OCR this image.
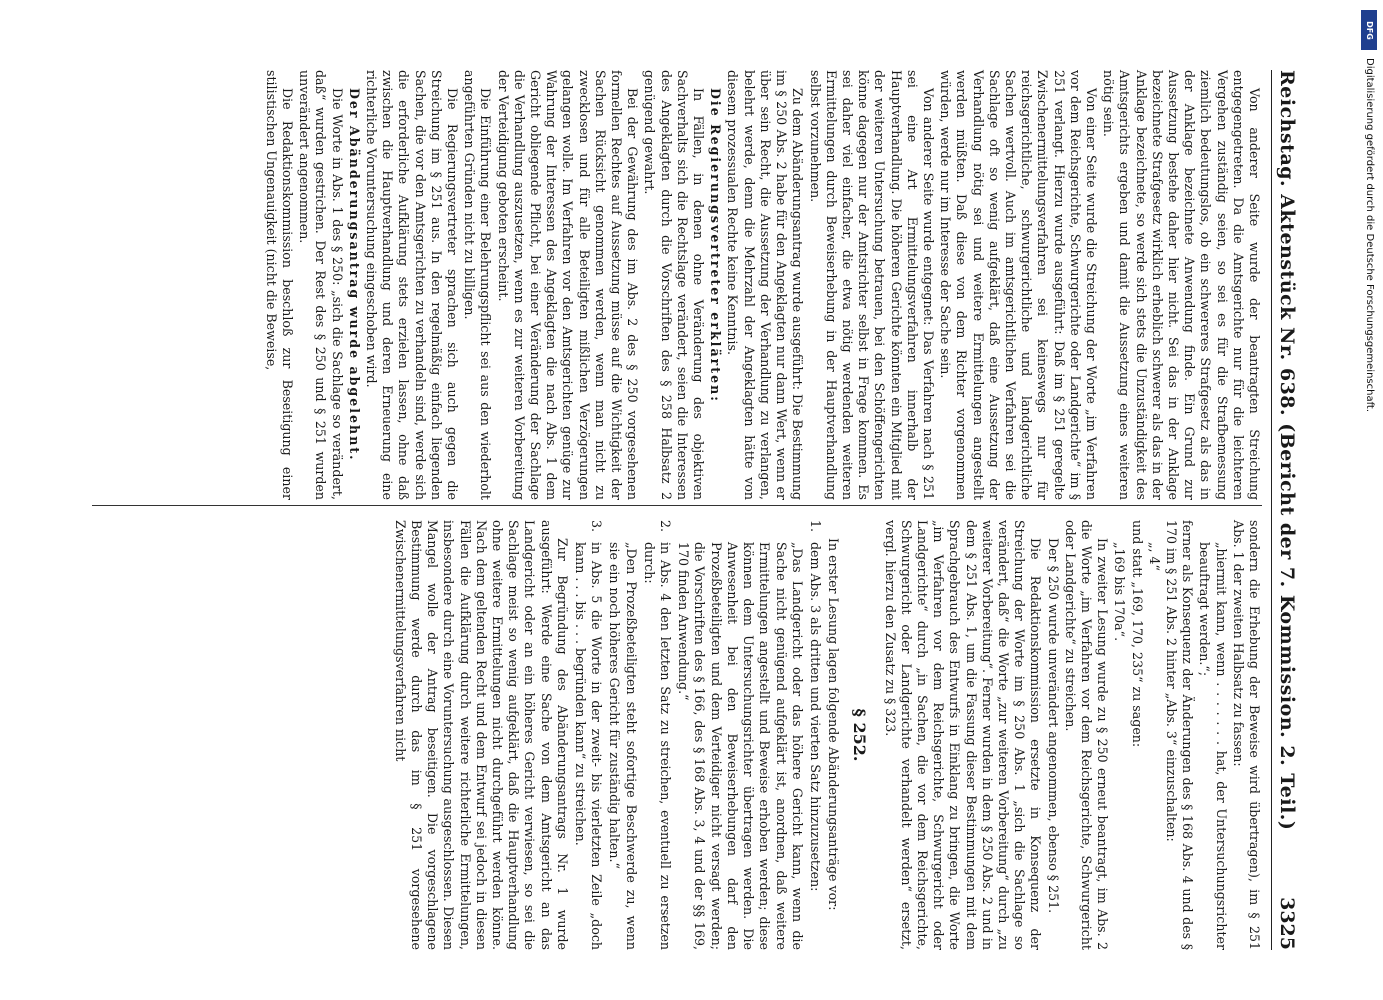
Reichstag. Aktenstück Nr. 638. (Bericht der 7. Kommission. 2. Teil.)
3325

Von anderer Seite wurde der beantragten Streichung entgegengetreten. Da die Amtsgerichte nur für die leichteren Vergehen zuständig seien, so sei es für die Strafbemessung ziemlich bedeutungslos, ob ein schwereres Strafgesetz als das in der Anklage bezeichnete Anwendung finde. Ein Grund zur Aussetzung bestehe daher hier nicht. Sei das in der Anklage bezeichnete Strafgesetz wirklich erheblich schwerer als das in der Anklage bezeichnete, so werde sich stets die Unzuständigkeit des Amtsgerichts ergeben und damit die Aussetzung eines weiteren nötig sein.

Von einer Seite wurde die Streichung der Worte „im Verfahren vor dem Reichsgerichte, Schwurgerichte oder Landgerichte“ im § 251 verlangt. Hierzu wurde ausgeführt: Daß im § 251 geregelte Zwischenermittelungsverfahren sei keineswegs nur für reichsgerichtliche, schwurgerichtliche und landgerichtliche Sachen wertvoll. Auch im amtsgerichtlichen Verfahren sei die Sachlage oft so wenig aufgeklärt, daß eine Aussetzung der Verhandlung nötig sei und weitere Ermittelungen angestellt werden müßten. Daß diese von dem Richter vorgenommen würden, werde nur im Interesse der Sache sein.

Von anderer Seite wurde entgegnet: Das Verfahren nach § 251 sei eine Art Ermittelungsverfahren innerhalb der Hauptverhandlung. Die höheren Gerichte könnten ein Mitglied mit der weiteren Untersuchung betrauen, bei den Schöffengerichten könne dagegen nur der Amtsrichter selbst in Frage kommen. Es sei daher viel einfacher, die etwa nötig werdenden weiteren Ermittelungen durch Beweiserhebung in der Hauptverhandlung selbst vorzunehmen.

Zu dem Abänderungsantrag wurde ausgeführt: Die Bestimmung im § 250 Abs. 2 habe für den Angeklagten nur dann Wert, wenn er über sein Recht, die Aussetzung der Verhandlung zu verlangen, belehrt werde, denn die Mehrzahl der Angeklagten hätte von diesem prozessualen Rechte keine Kenntnis.

Die Regierungsvertreter erklärten:

In Fällen, in denen ohne Veränderung des objektiven Sachverhalts sich die Rechtslage verändert, seien die Interessen des Angeklagten durch die Vorschriften des § 258 Halbsatz 2 genügend gewahrt.

Bei der Gewährung des im Abs. 2 des § 250 vorgesehenen formellen Rechtes auf Aussetzung müsse auf die Wichtigkeit der Sachen Rücksicht genommen werden, wenn man nicht zu zwecklosen und für alle Beteiligten mißlichen Verzögerungen gelangen wolle. Im Verfahren vor den Amtsgerichten genüge zur Wahrung der Interessen des Angeklagten die nach Abs. 1 dem Gericht obliegende Pflicht, bei einer Veränderung der Sachlage die Verhandlung auszusetzen, wenn es zur weiteren Vorbereitung der Verteidigung geboten erscheint.

Die Einführung einer Belehrungspflicht sei aus den wiederholt angeführten Gründen nicht zu billigen.

Die Regierungsvertreter sprachen sich auch gegen die Streichung im § 251 aus. In den regelmäßig einfach liegenden Sachen, die vor den Amtsgerichten zu verhandeln sind, werde sich die erforderliche Aufklärung stets erzielen lassen, ohne daß zwischen die Hauptverhandlung und deren Erneuerung eine richterliche Voruntersuchung eingeschoben wird.

Der Abänderungsantrag wurde abgelehnt.

Die Worte in Abs. 1 des § 250: „sich die Sachlage so verändert, daß“ wurden gestrichen. Der Rest des § 250 und § 251 wurden unverändert angenommen.

Die Redaktionskommission beschloß zur Beseitigung einer stilistischen Ungenauigkeit (nicht die Beweise,

sondern die Erhebung der Beweise wird übertragen), im § 251 Abs. 1 der zweiten Halbsatz zu fassen:

„hiermit kann, wenn . . . . . . . hat, der Untersuchungsrichter beauftragt werden.“;

ferner als Konsequenz der Änderungen des § 168 Abs. 4 und des § 170 im § 251 Abs. 2 hinter „Abs. 3“ einzuschalten:

„, 4“

und statt „169, 170, 235“ zu sagen:

„169 bis 170a“.

In zweiter Lesung wurde zu § 250 erneut beantragt, im Abs. 2 die Worte „im Verfahren vor dem Reichsgerichte, Schwurgericht oder Landgerichte“ zu streichen.

Der § 250 wurde unverändert angenommen, ebenso § 251.

Die Redaktionskommission ersetzte in Konsequenz der Streichung der Worte im § 250 Abs. 1 „sich die Sachlage so verändert, daß“ die Worte „zur weiteren Vorbereitung“ durch „zu weiterer Vorbereitung“. Ferner wurden in dem § 250 Abs. 2 und in dem § 251 Abs. 1, um die Fassung dieser Bestimmungen mit dem Sprachgebrauch des Entwurfs in Einklang zu bringen, die Worte „im Verfahren vor dem Reichsgerichte, Schwurgericht oder Landgerichte“ durch „in Sachen, die vor dem Reichsgerichte, Schwurgericht oder Landgerichte verhandelt werden“ ersetzt, vergl. hierzu den Zusatz zu § 323.

§ 252.

In erster Lesung lagen folgende Abänderungsanträge vor:

1.
dem Abs. 3 als dritten und vierten Satz hinzuzusetzen:
„Das Landgericht oder das höhere Gericht kann, wenn die Sache nicht genügend aufgeklärt ist, anordnen, daß weitere Ermittelungen angestellt und Beweise erhoben werden; diese können dem Untersuchungsrichter übertragen werden. Die Anwesenheit bei den Beweiserhebungen darf den Prozeßbeteiligten und dem Verteidiger nicht versagt werden; die Vorschriften des § 166, des § 168 Abs. 3, 4 und der §§ 169, 170 finden Anwendung.“
2.
in Abs. 4 den letzten Satz zu streichen, eventuell zu ersetzen durch:
„Den Prozeßbeteiligten steht sofortige Beschwerde zu, wenn sie ein noch höheres Gericht für zuständig halten.“
3.
in Abs. 5 die Worte in der zweit- bis vierletzten Zeile „doch kann . . . bis . . . begründen kann“ zu streichen.

Zur Begründung des Abänderungsantrags Nr. 1 wurde ausgeführt: Werde eine Sache von dem Amtsgericht an das Landgericht oder an ein höheres Gericht verwiesen, so sei die Sachlage meist so wenig aufgeklärt, daß die Hauptverhandlung ohne weitere Ermittelungen nicht durchgeführt werden könne. Nach dem geltenden Recht und dem Entwurf sei jedoch in diesen Fällen die Aufklärung durch weitere richterliche Ermittelungen, insbesondere durch eine Voruntersuchung ausgeschlossen. Diesen Mangel wolle der Antrag beseitigen. Die vorgeschlagene Bestimmung werde durch das im § 251 vorgesehene Zwischenermittelungsverfahren nicht

DFG
Digitalisierung gefördert durch die Deutsche Forschungsgemeinschaft.
